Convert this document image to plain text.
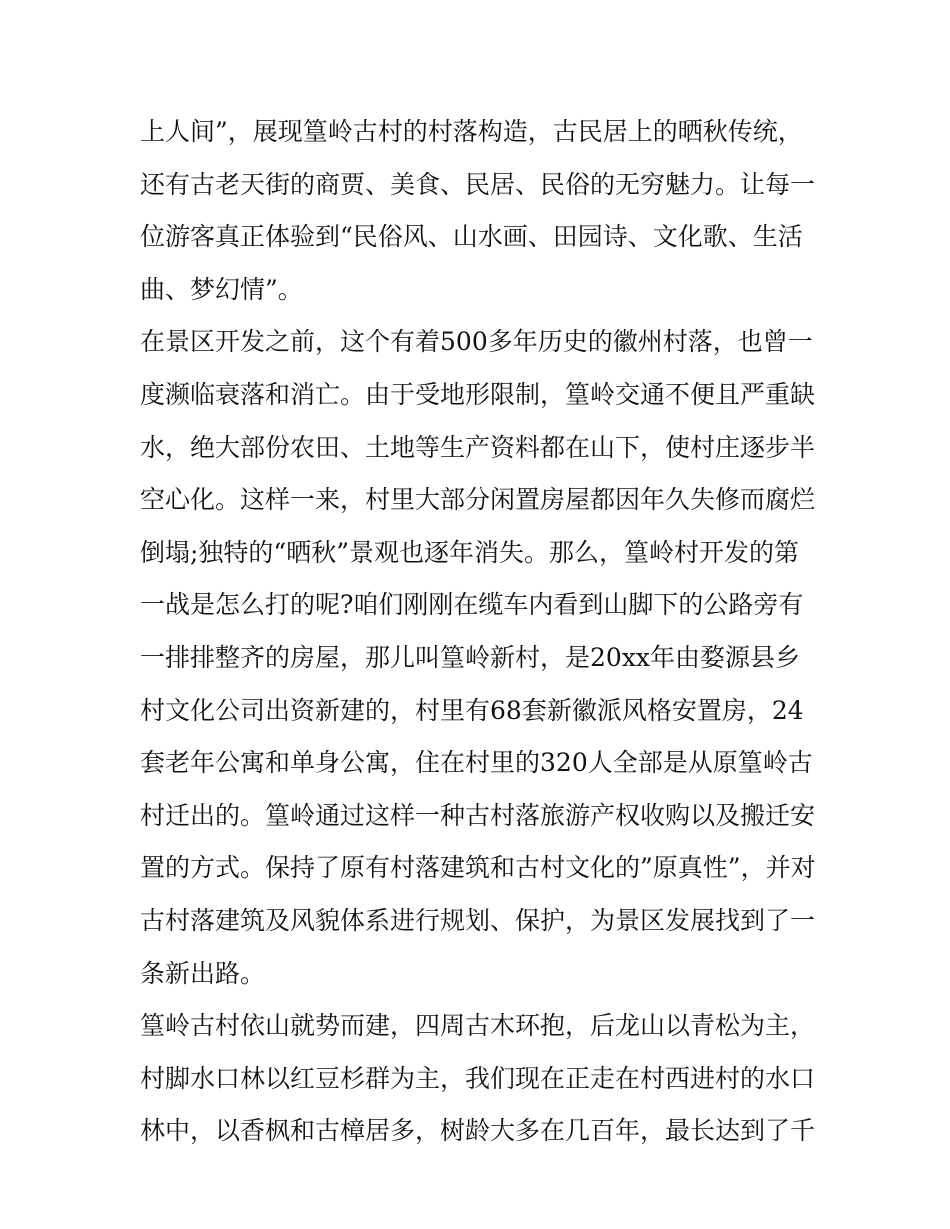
上人间”，展现篁岭古村的村落构造，古民居上的晒秋传统，
还有古老天街的商贾、美食、民居、民俗的无穷魅力。让每一
位游客真正体验到“民俗风、山水画、田园诗、文化歌、生活
曲、梦幻情”。
在景区开发之前，这个有着500多年历史的徽州村落，也曾一
度濒临衰落和消亡。由于受地形限制，篁岭交通不便且严重缺
水，绝大部份农田、土地等生产资料都在山下，使村庄逐步半
空心化。这样一来，村里大部分闲置房屋都因年久失修而腐烂
倒塌;独特的“晒秋”景观也逐年消失。那么，篁岭村开发的第
一战是怎么打的呢?咱们刚刚在缆车内看到山脚下的公路旁有
一排排整齐的房屋，那儿叫篁岭新村，是20xx年由婺源县乡
村文化公司出资新建的，村里有68套新徽派风格安置房，24
套老年公寓和单身公寓，住在村里的320人全部是从原篁岭古
村迁出的。篁岭通过这样一种古村落旅游产权收购以及搬迁安
置的方式。保持了原有村落建筑和古村文化的”原真性”，并对
古村落建筑及风貌体系进行规划、保护，为景区发展找到了一
条新出路。
篁岭古村依山就势而建，四周古木环抱，后龙山以青松为主，
村脚水口林以红豆杉群为主，我们现在正走在村西进村的水口
林中，以香枫和古樟居多，树龄大多在几百年，最长达到了千
